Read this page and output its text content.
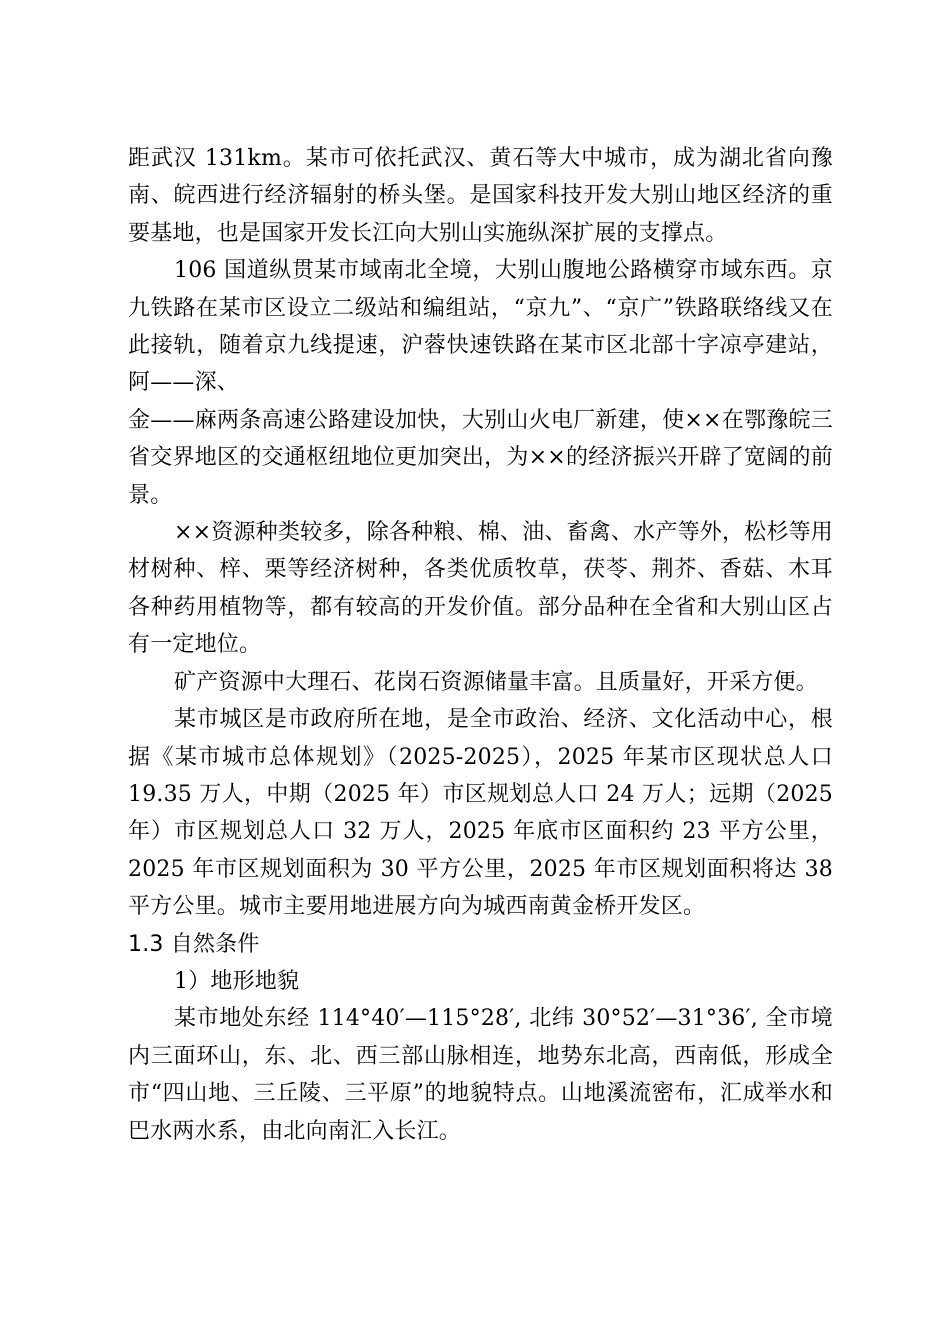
距武汉 131km。某市可依托武汉、黄石等大中城市，成为湖北省向豫南、皖西进行经济辐射的桥头堡。是国家科技开发大别山地区经济的重要基地，也是国家开发长江向大别山实施纵深扩展的支撑点。

106 国道纵贯某市域南北全境，大别山腹地公路横穿市域东西。京九铁路在某市区设立二级站和编组站，“京九”、“京广”铁路联络线又在此接轨，随着京九线提速，沪蓉快速铁路在某市区北部十字凉亭建站，阿——深、

金——麻两条高速公路建设加快，大别山火电厂新建，使××在鄂豫皖三省交界地区的交通枢纽地位更加突出，为××的经济振兴开辟了宽阔的前景。

××资源种类较多，除各种粮、棉、油、畜禽、水产等外，松杉等用材树种、梓、栗等经济树种，各类优质牧草，茯苓、荆芥、香菇、木耳各种药用植物等，都有较高的开发价值。部分品种在全省和大别山区占有一定地位。

矿产资源中大理石、花岗石资源储量丰富。且质量好，开采方便。

某市城区是市政府所在地，是全市政治、经济、文化活动中心，根据《某市城市总体规划》（2025-2025），2025 年某市区现状总人口 19.35 万人，中期（2025 年）市区规划总人口 24 万人；远期（2025 年）市区规划总人口 32 万人，2025 年底市区面积约 23 平方公里，2025 年市区规划面积为 30 平方公里，2025 年市区规划面积将达 38 平方公里。城市主要用地进展方向为城西南黄金桥开发区。

1.3 自然条件

1）地形地貌

某市地处东经 114°40′—115°28′, 北纬 30°52′—31°36′, 全市境内三面环山，东、北、西三部山脉相连，地势东北高，西南低，形成全市“四山地、三丘陵、三平原”的地貌特点。山地溪流密布，汇成举水和巴水两水系，由北向南汇入长江。
